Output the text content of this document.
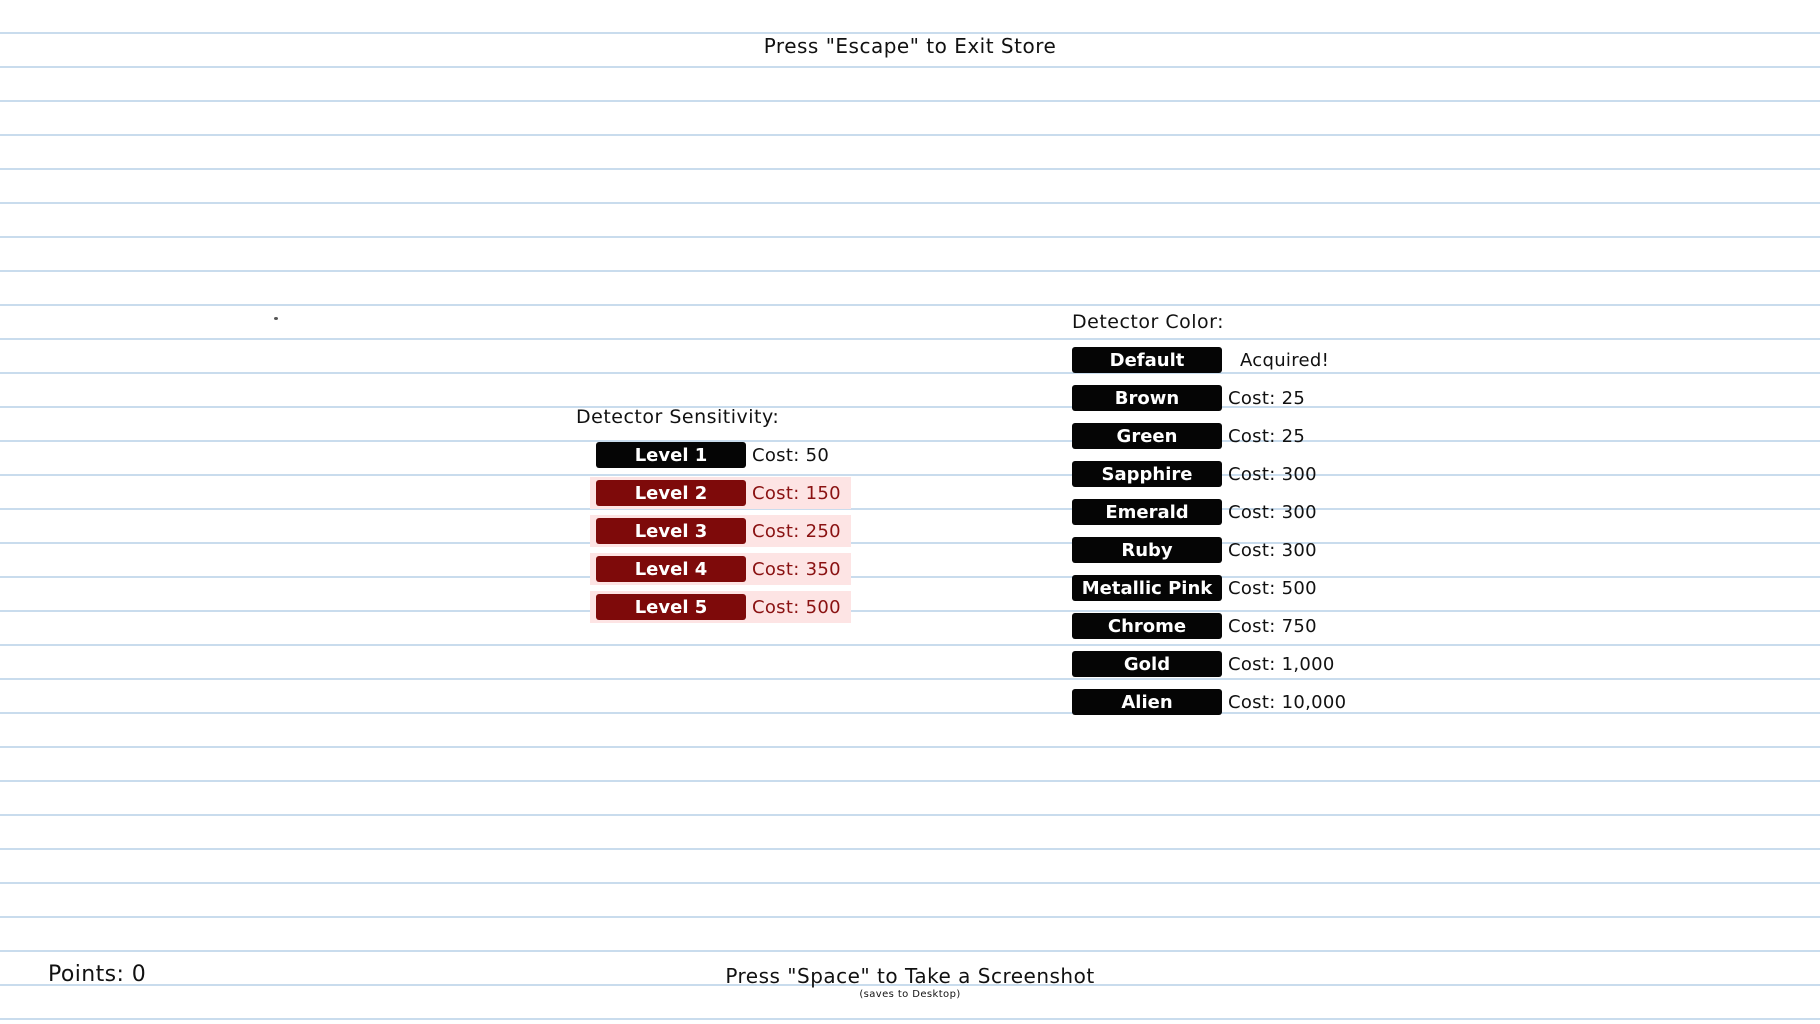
Press "Escape" to Exit Store
Detector Sensitivity:
Level 1	Cost: 50
Level 2	Cost: 150
Level 3	Cost: 250
Level 4	Cost: 350
Level 5	Cost: 500
Detector Color:
Default	Acquired!
Brown	Cost: 25
Green	Cost: 25
Sapphire	Cost: 300
Emerald	Cost: 300
Ruby	Cost: 300
Metallic Pink Cost: 500
Chrome	Cost: 750
Gold	Cost: 1,000
Alien	Cost: 10,000
Points: 0	Press "Space" to Take a Screenshot
(saves to Desktop)
